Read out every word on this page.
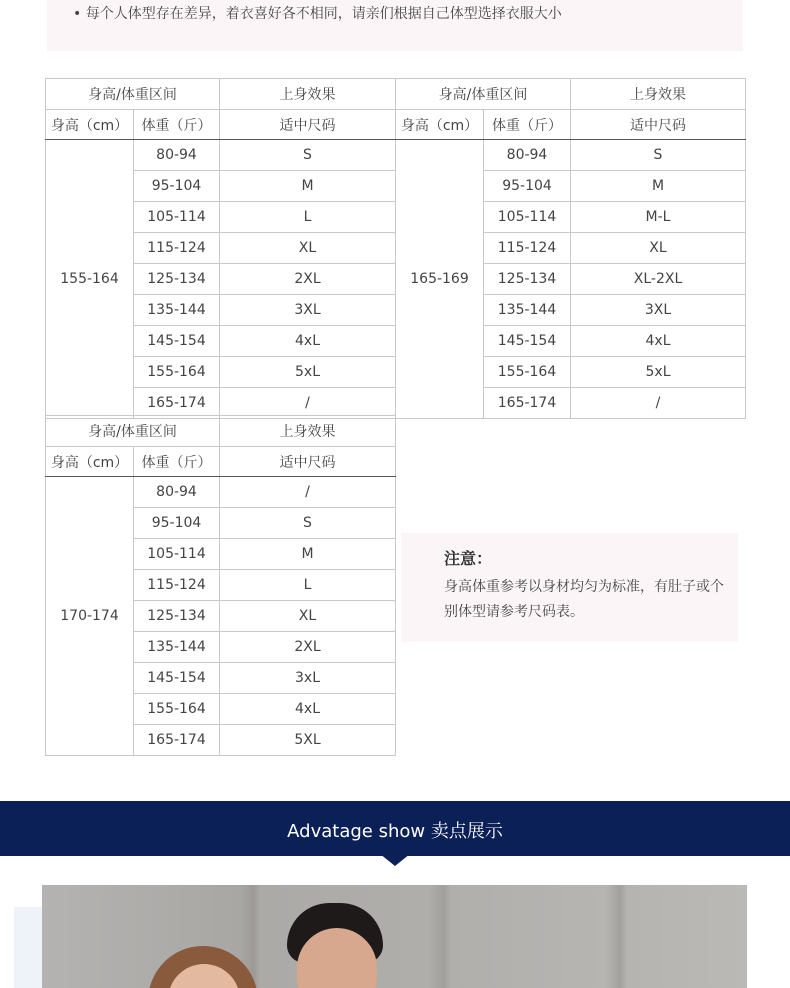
• 每个人体型存在差异，着衣喜好各不相同，请亲们根据自己体型选择衣服大小
身高/体重区间		上身效果
身高（cm）	体重（斤）	适中尺码
155-164	80-94	S
	95-104	M
	105-114	L
	115-124	XL
	125-134	2XL
	135-144	3XL
	145-154	4xL
	155-164	5xL
	165-174	/
身高/体重区间		上身效果
身高（cm）	体重（斤）	适中尺码
165-169	80-94	S
	95-104	M
	105-114	M-L
	115-124	XL
	125-134	XL-2XL
	135-144	3XL
	145-154	4xL
	155-164	5xL
	165-174	/
身高/体重区间		上身效果
身高（cm）	体重（斤）	适中尺码
170-174	80-94	/
	95-104	S
	105-114	M
	115-124	L
	125-134	XL
	135-144	2XL
	145-154	3xL
	155-164	4xL
	165-174	5XL
注意：
身高体重参考以身材均匀为标准，有肚子或个别体型请参考尺码表。
Advatage show 卖点展示
